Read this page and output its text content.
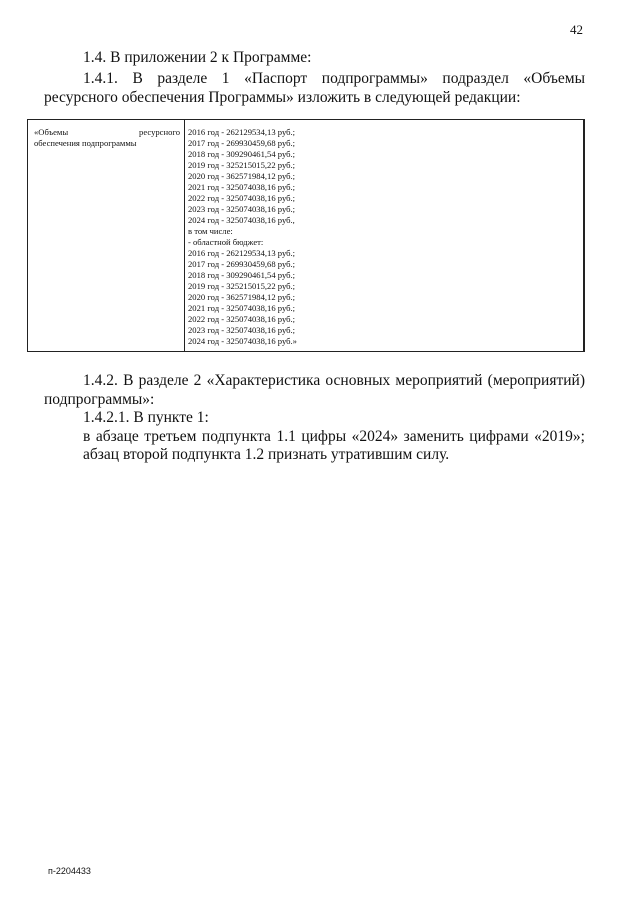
42
1.4. В приложении 2 к Программе:
1.4.1. В разделе 1 «Паспорт подпрограммы» подраздел «Объемы
ресурсного обеспечения Программы» изложить в следующей редакции:
«Объемы	ресурсного
обеспечения подпрограммы
2016 год - 262129534,13 руб.;
2017 год - 269930459,68 руб.;
2018 год - 309290461,54 руб.;
2019 год - 325215015,22 руб.;
2020 год - 362571984,12 руб.;
2021 год - 325074038,16 руб.;
2022 год - 325074038,16 руб.;
2023 год - 325074038,16 руб.;
2024 год - 325074038,16 руб.,
в том числе:
- областной бюджет:
2016 год - 262129534,13 руб.;
2017 год - 269930459,68 руб.;
2018 год - 309290461,54 руб.;
2019 год - 325215015,22 руб.;
2020 год - 362571984,12 руб.;
2021 год - 325074038,16 руб.;
2022 год - 325074038,16 руб.;
2023 год - 325074038,16 руб.;
2024 год - 325074038,16 руб.»
1.4.2. В разделе 2 «Характеристика основных мероприятий (мероприятий)
подпрограммы»:
1.4.2.1. В пункте 1:
в абзаце третьем подпункта 1.1 цифры «2024» заменить цифрами «2019»;
абзац второй подпункта 1.2 признать утратившим силу.
п-2204433
